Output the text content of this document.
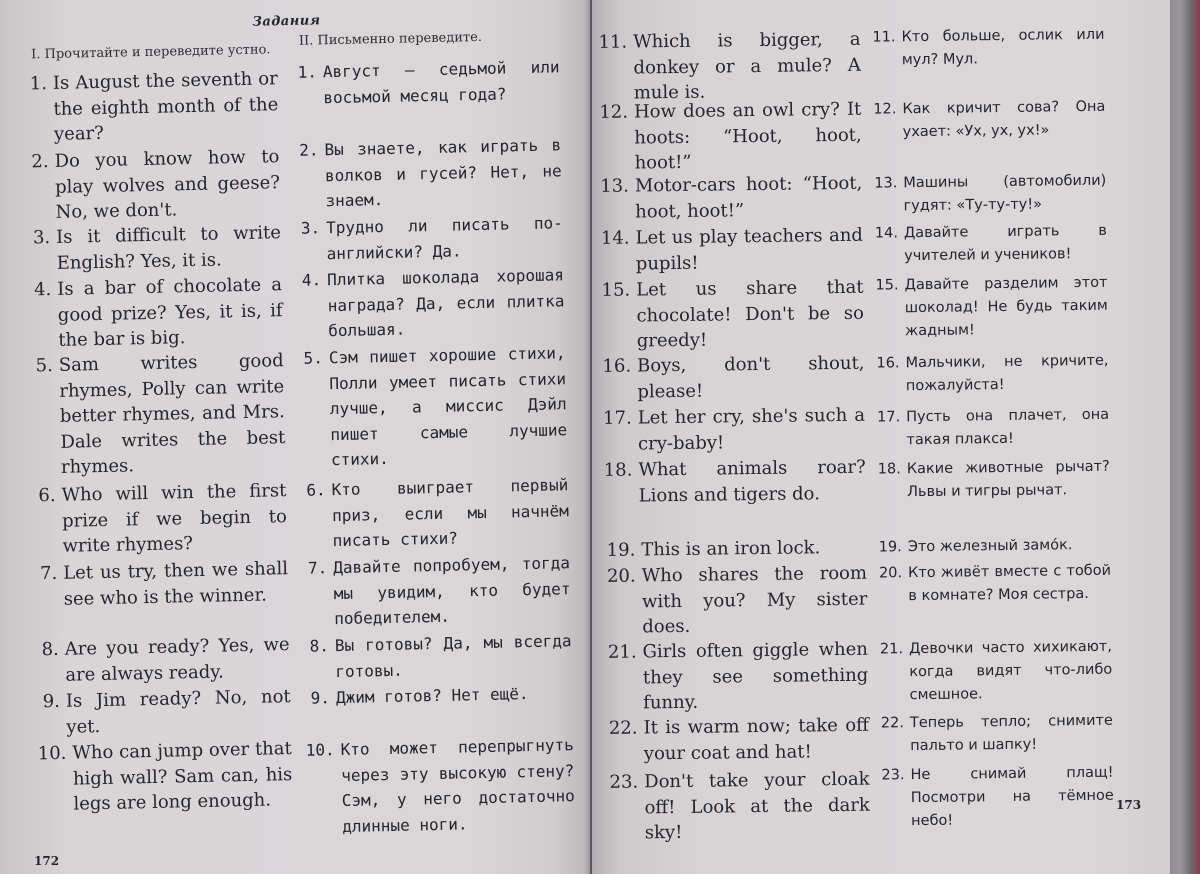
Задания
I. Прочитайте и переведите устно.
II. Письменно переведите.
1. Is August the seventh or the eighth month of the year?
2. Do you know how to play wolves and geese? No, we don't.
3. Is it difficult to write English? Yes, it is.
4. Is a bar of chocolate a good prize? Yes, it is, if the bar is big.
5. Sam writes good rhymes, Polly can write better rhymes, and Mrs. Dale writes the best rhymes.
6. Who will win the first prize if we begin to write rhymes?
7. Let us try, then we shall see who is the winner.
8. Are you ready? Yes, we are always ready.
9. Is Jim ready? No, not yet.
10. Who can jump over that high wall? Sam can, his legs are long enough.
1. Август — седьмой или восьмой месяц года?
2. Вы знаете, как играть в волков и гусей? Нет, не знаем.
3. Трудно ли писать по-английски? Да.
4. Плитка шоколада хорошая награда? Да, если плитка большая.
5. Сэм пишет хорошие стихи, Полли умеет писать стихи лучше, а миссис Дэйл пишет самые лучшие стихи.
6. Кто выиграет первый приз, если мы начнём писать стихи?
7. Давайте попробуем, тогда мы увидим, кто будет победителем.
8. Вы готовы? Да, мы всегда готовы.
9. Джим готов? Нет ещё.
10. Кто может перепрыгнуть через эту высокую стену? Сэм, у него достаточно длинные ноги.
172
11. Which is bigger, a donkey or a mule? A mule is.
12. How does an owl cry? It hoots: “Hoot, hoot, hoot!”
13. Motor-cars hoot: “Hoot, hoot, hoot!”
14. Let us play teachers and pupils!
15. Let us share that chocolate! Don't be so greedy!
16. Boys, don't shout, please!
17. Let her cry, she's such a cry-baby!
18. What animals roar? Lions and tigers do.
19. This is an iron lock.
20. Who shares the room with you? My sister does.
21. Girls often giggle when they see something funny.
22. It is warm now; take off your coat and hat!
23. Don't take your cloak off! Look at the dark sky!
11. Кто больше, ослик или мул? Мул.
12. Как кричит сова? Она ухает: «Ух, ух, ух!»
13. Машины (автомобили) гудят: «Ту-ту-ту!»
14. Давайте играть в учителей и учеников!
15. Давайте разделим этот шоколад! Не будь таким жадным!
16. Мальчики, не кричите, пожалуйста!
17. Пусть она плачет, она такая плакса!
18. Какие животные рычат? Львы и тигры рычат.
19. Это железный замóк.
20. Кто живёт вместе с тобой в комнате? Моя сестра.
21. Девочки часто хихикают, когда видят что-либо смешное.
22. Теперь тепло; снимите пальто и шапку!
23. Не снимай плащ! Посмотри на тёмное небо!
173
